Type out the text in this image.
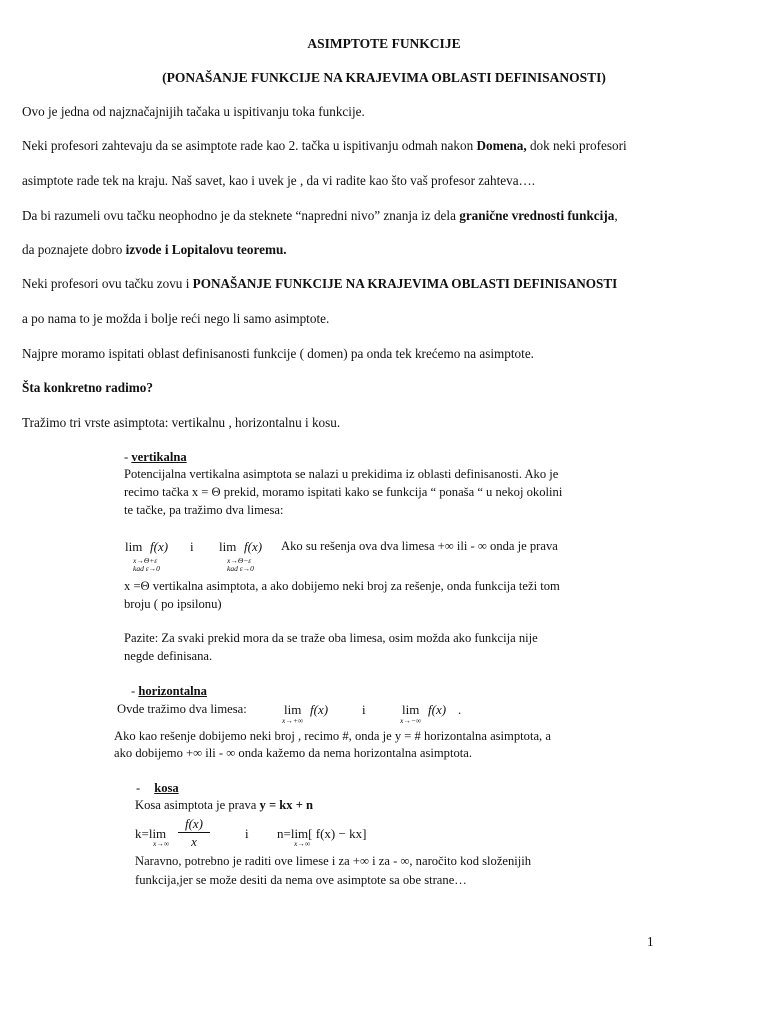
ASIMPTOTE FUNKCIJE
(PONAŠANJE FUNKCIJE NA KRAJEVIMA OBLASTI DEFINISANOSTI)
Ovo je jedna od najznačajnijih tačaka u ispitivanju toka funkcije.
Neki profesori zahtevaju da se asimptote rade kao 2. tačka u ispitivanju odmah nakon Domena, dok neki profesori
asimptote rade tek na kraju. Naš savet, kao i uvek je , da vi radite kao što vaš profesor zahteva….
Da bi razumeli ovu tačku neophodno je da steknete “napredni nivo” znanja iz dela granične vrednosti funkcija,
da poznajete dobro izvode i Lopitalovu teoremu.
Neki profesori ovu tačku zovu i PONAŠANJE FUNKCIJE NA KRAJEVIMA OBLASTI DEFINISANOSTI
a po nama to je možda i bolje reći nego li samo asimptote.
Najpre moramo ispitati oblast definisanosti funkcije ( domen) pa onda tek krećemo na asimptote.
Šta konkretno radimo?
Tražimo tri vrste asimptota: vertikalnu , horizontalnu i kosu.
- vertikalna
Potencijalna vertikalna asimptota se nalazi u prekidima iz oblasti definisanosti. Ako je
recimo tačka x = Θ prekid, moramo ispitati kako se funkcija “ ponaša “ u nekoj okolini
te tačke, pa tražimo dva limesa:
lim f(x)
x→Θ+ε
kad ε→0
i lim f(x)
x→Θ−ε
kad ε→0
Ako su rešenja ova dva limesa +∞ ili - ∞ onda je prava
x =Θ vertikalna asimptota, a ako dobijemo neki broj za rešenje, onda funkcija teži tom
broju ( po ipsilonu)
Pazite: Za svaki prekid mora da se traže oba limesa, osim možda ako funkcija nije
negde definisana.
- horizontalna
Ovde tražimo dva limesa:	lim
x→+∞
f(x)	i	lim
x→−∞
f(x) .
Ako kao rešenje dobijemo neki broj , recimo #, onda je y = # horizontalna asimptota, a
ako dobijemo +∞ ili - ∞ onda kažemo da nema horizontalna asimptota.
- kosa
Kosa asimptota je prava y = kx + n
k=lim
$x\to\infty \frac{f(x)}{x}$	i n=lim[ f(x) − kx]
x→∞
Naravno, potrebno je raditi ove limese i za +∞ i za - ∞, naročito kod složenijih
funkcija,jer se može desiti da nema ove asimptote sa obe strane…
1
